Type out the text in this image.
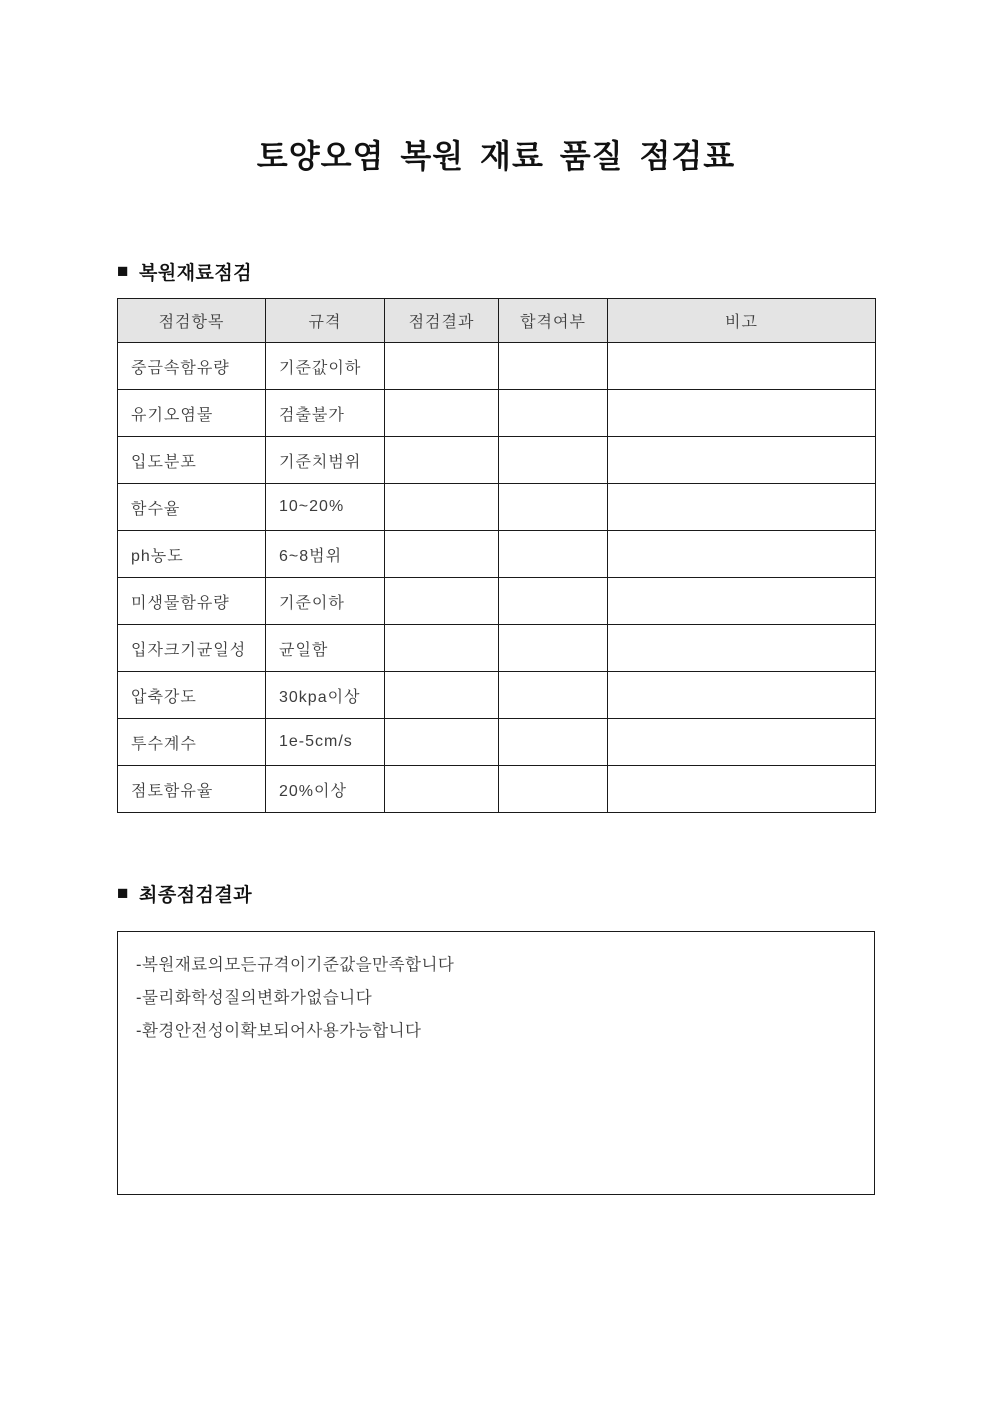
토양오염 복원 재료 품질 점검표
■ 복원재료점검
점검항목	규격	점검결과	합격여부	비고
중금속함유량	기준값이하			
유기오염물	검출불가			
입도분포	기준치범위			
함수율	10~20%			
ph농도	6~8범위			
미생물함유량	기준이하			
입자크기균일성	균일함			
압축강도	30kpa이상			
투수계수	1e-5cm/s			
점토함유율	20%이상			
■ 최종점검결과
-복원재료의모든규격이기준값을만족합니다
-물리화학성질의변화가없습니다
-환경안전성이확보되어사용가능합니다
